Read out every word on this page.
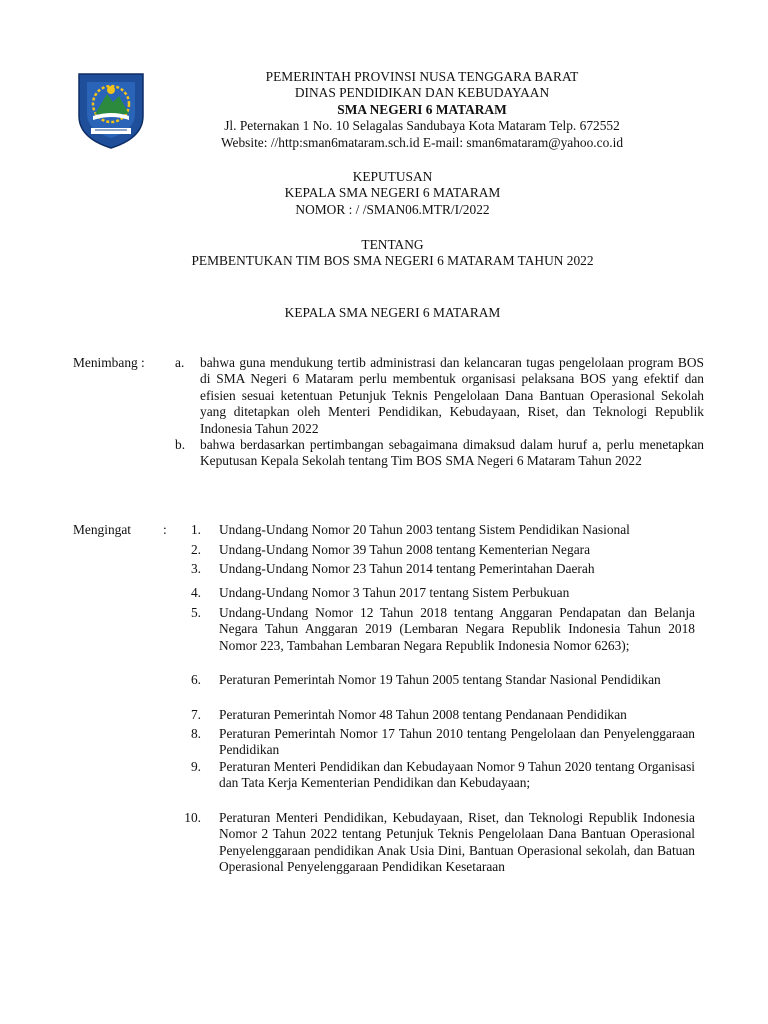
PEMERINTAH PROVINSI NUSA TENGGARA BARAT
DINAS PENDIDIKAN DAN KEBUDAYAAN
SMA NEGERI 6 MATARAM
Jl. Peternakan 1 No. 10 Selagalas Sandubaya Kota Mataram Telp. 672552
Website: //http:sman6mataram.sch.id E-mail: sman6mataram@yahoo.co.id
KEPUTUSAN
KEPALA SMA NEGERI 6 MATARAM
NOMOR : / /SMAN06.MTR/I/2022
TENTANG
PEMBENTUKAN TIM BOS SMA NEGERI 6 MATARAM TAHUN 2022
KEPALA SMA NEGERI 6 MATARAM
Menimbang : a.	bahwa guna mendukung tertib administrasi dan kelancaran tugas pengelolaan program BOS di SMA Negeri 6 Mataram perlu membentuk organisasi pelaksana BOS yang efektif dan efisien sesuai ketentuan Petunjuk Teknis Pengelolaan Dana Bantuan Operasional Sekolah yang ditetapkan oleh Menteri Pendidikan, Kebudayaan, Riset, dan Teknologi Republik Indonesia Tahun 2022
b.	bahwa berdasarkan pertimbangan sebagaimana dimaksud dalam huruf a, perlu menetapkan Keputusan Kepala Sekolah tentang Tim BOS SMA Negeri 6 Mataram Tahun 2022
Mengingat :	1. Undang-Undang Nomor 20 Tahun 2003 tentang Sistem Pendidikan Nasional
2. Undang-Undang Nomor 39 Tahun 2008 tentang Kementerian Negara
3. Undang-Undang Nomor 23 Tahun 2014 tentang Pemerintahan Daerah
4. Undang-Undang Nomor 3 Tahun 2017 tentang Sistem Perbukuan
5. Undang-Undang Nomor 12 Tahun 2018 tentang Anggaran Pendapatan dan Belanja Negara Tahun Anggaran 2019 (Lembaran Negara Republik Indonesia Tahun 2018 Nomor 223, Tambahan Lembaran Negara Republik Indonesia Nomor 6263);
6. Peraturan Pemerintah Nomor 19 Tahun 2005 tentang Standar Nasional Pendidikan
7. Peraturan Pemerintah Nomor 48 Tahun 2008 tentang Pendanaan Pendidikan
8. Peraturan Pemerintah Nomor 17 Tahun 2010 tentang Pengelolaan dan Penyelenggaraan Pendidikan
9. Peraturan Menteri Pendidikan dan Kebudayaan Nomor 9 Tahun 2020 tentang Organisasi dan Tata Kerja Kementerian Pendidikan dan Kebudayaan;
10. Peraturan Menteri Pendidikan, Kebudayaan, Riset, dan Teknologi Republik Indonesia Nomor 2 Tahun 2022 tentang Petunjuk Teknis Pengelolaan Dana Bantuan Operasional Penyelenggaraan pendidikan Anak Usia Dini, Bantuan Operasional sekolah, dan Batuan Operasional Penyelenggaraan Pendidikan Kesetaraan
